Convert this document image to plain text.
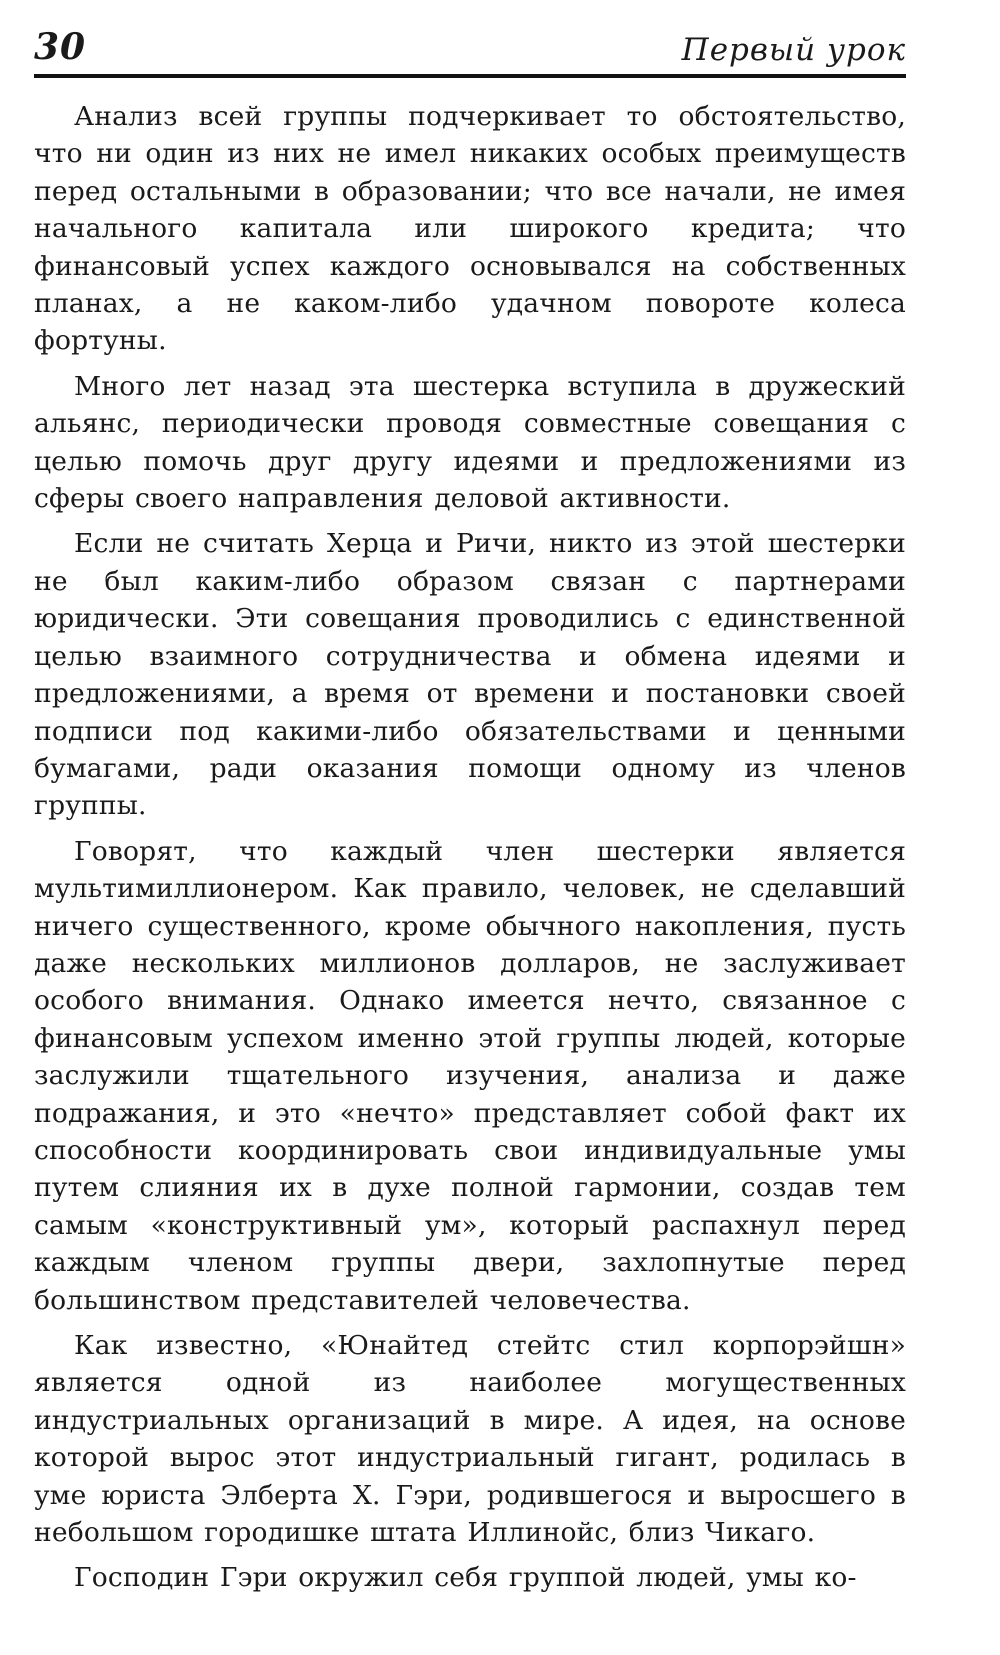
30	Первый урок

Анализ всей группы подчеркивает то обстоятельство, что ни один из них не имел никаких особых преимуществ перед остальными в образовании; что все начали, не имея начального капитала или широкого кредита; что финансовый успех каждого основывался на собственных планах, а не каком-либо удачном повороте колеса фортуны.

Много лет назад эта шестерка вступила в дружеский альянс, периодически проводя совместные совещания с целью помочь друг другу идеями и предложениями из сферы своего направления деловой активности.

Если не считать Херца и Ричи, никто из этой шестерки не был каким-либо образом связан с партнерами юридически. Эти совещания проводились с единственной целью взаимного сотрудничества и обмена идеями и предложениями, а время от времени и постановки своей подписи под какими-либо обязательствами и ценными бумагами, ради оказания помощи одному из членов группы.

Говорят, что каждый член шестерки является мультимиллионером. Как правило, человек, не сделавший ничего существенного, кроме обычного накопления, пусть даже нескольких миллионов долларов, не заслуживает особого внимания. Однако имеется нечто, связанное с финансовым успехом именно этой группы людей, которые заслужили тщательного изучения, анализа и даже подражания, и это «нечто» представляет собой факт их способности координировать свои индивидуальные умы путем слияния их в духе полной гармонии, создав тем самым «конструктивный ум», который распахнул перед каждым членом группы двери, захлопнутые перед большинством представителей человечества.

Как известно, «Юнайтед стейтс стил корпорэйшн» является одной из наиболее могущественных индустриальных организаций в мире. А идея, на основе которой вырос этот индустриальный гигант, родилась в уме юриста Элберта Х. Гэри, родившегося и выросшего в небольшом городишке штата Иллинойс, близ Чикаго.

Господин Гэри окружил себя группой людей, умы ко-
